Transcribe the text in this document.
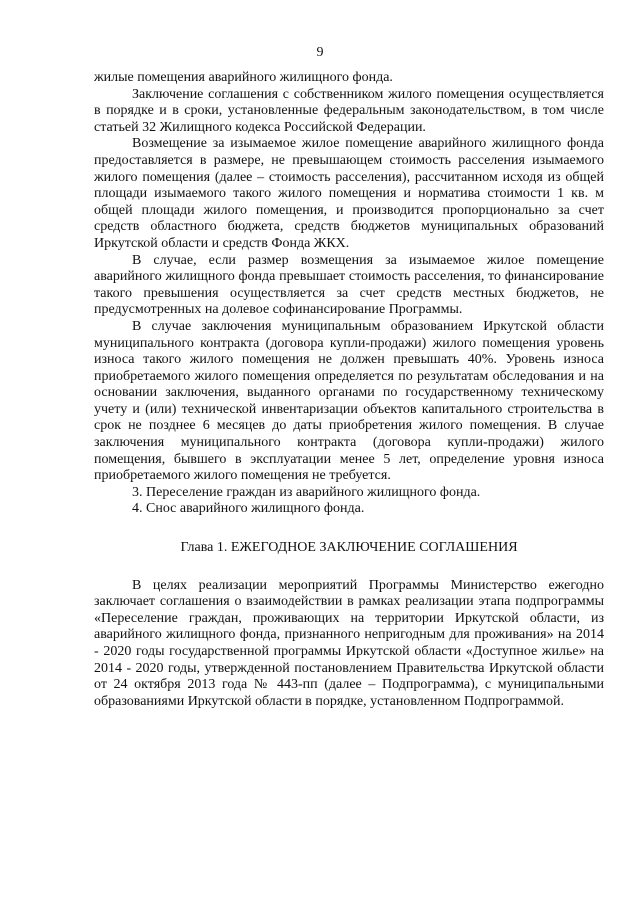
9

жилые помещения аварийного жилищного фонда.

Заключение соглашения с собственником жилого помещения осуществляется в порядке и в сроки, установленные федеральным законодательством, в том числе статьей 32 Жилищного кодекса Российской Федерации.

Возмещение за изымаемое жилое помещение аварийного жилищного фонда предоставляется в размере, не превышающем стоимость расселения изымаемого жилого помещения (далее – стоимость расселения), рассчитанном исходя из общей площади изымаемого такого жилого помещения и норматива стоимости 1 кв. м общей площади жилого помещения, и производится пропорционально за счет средств областного бюджета, средств бюджетов муниципальных образований Иркутской области и средств Фонда ЖКХ.

В случае, если размер возмещения за изымаемое жилое помещение аварийного жилищного фонда превышает стоимость расселения, то финансирование такого превышения осуществляется за счет средств местных бюджетов, не предусмотренных на долевое софинансирование Программы.

В случае заключения муниципальным образованием Иркутской области муниципального контракта (договора купли-продажи) жилого помещения уровень износа такого жилого помещения не должен превышать 40%. Уровень износа приобретаемого жилого помещения определяется по результатам обследования и на основании заключения, выданного органами по государственному техническому учету и (или) технической инвентаризации объектов капитального строительства в срок не позднее 6 месяцев до даты приобретения жилого помещения. В случае заключения муниципального контракта (договора купли-продажи) жилого помещения, бывшего в эксплуатации менее 5 лет, определение уровня износа приобретаемого жилого помещения не требуется.

3. Переселение граждан из аварийного жилищного фонда.

4. Снос аварийного жилищного фонда.

Глава 1. ЕЖЕГОДНОЕ ЗАКЛЮЧЕНИЕ СОГЛАШЕНИЯ

В целях реализации мероприятий Программы Министерство ежегодно заключает соглашения о взаимодействии в рамках реализации этапа подпрограммы «Переселение граждан, проживающих на территории Иркутской области, из аварийного жилищного фонда, признанного непригодным для проживания» на 2014 - 2020 годы государственной программы Иркутской области «Доступное жилье» на 2014 - 2020 годы, утвержденной постановлением Правительства Иркутской области от 24 октября 2013 года № 443-пп (далее – Подпрограмма), с муниципальными образованиями Иркутской области в порядке, установленном Подпрограммой.
